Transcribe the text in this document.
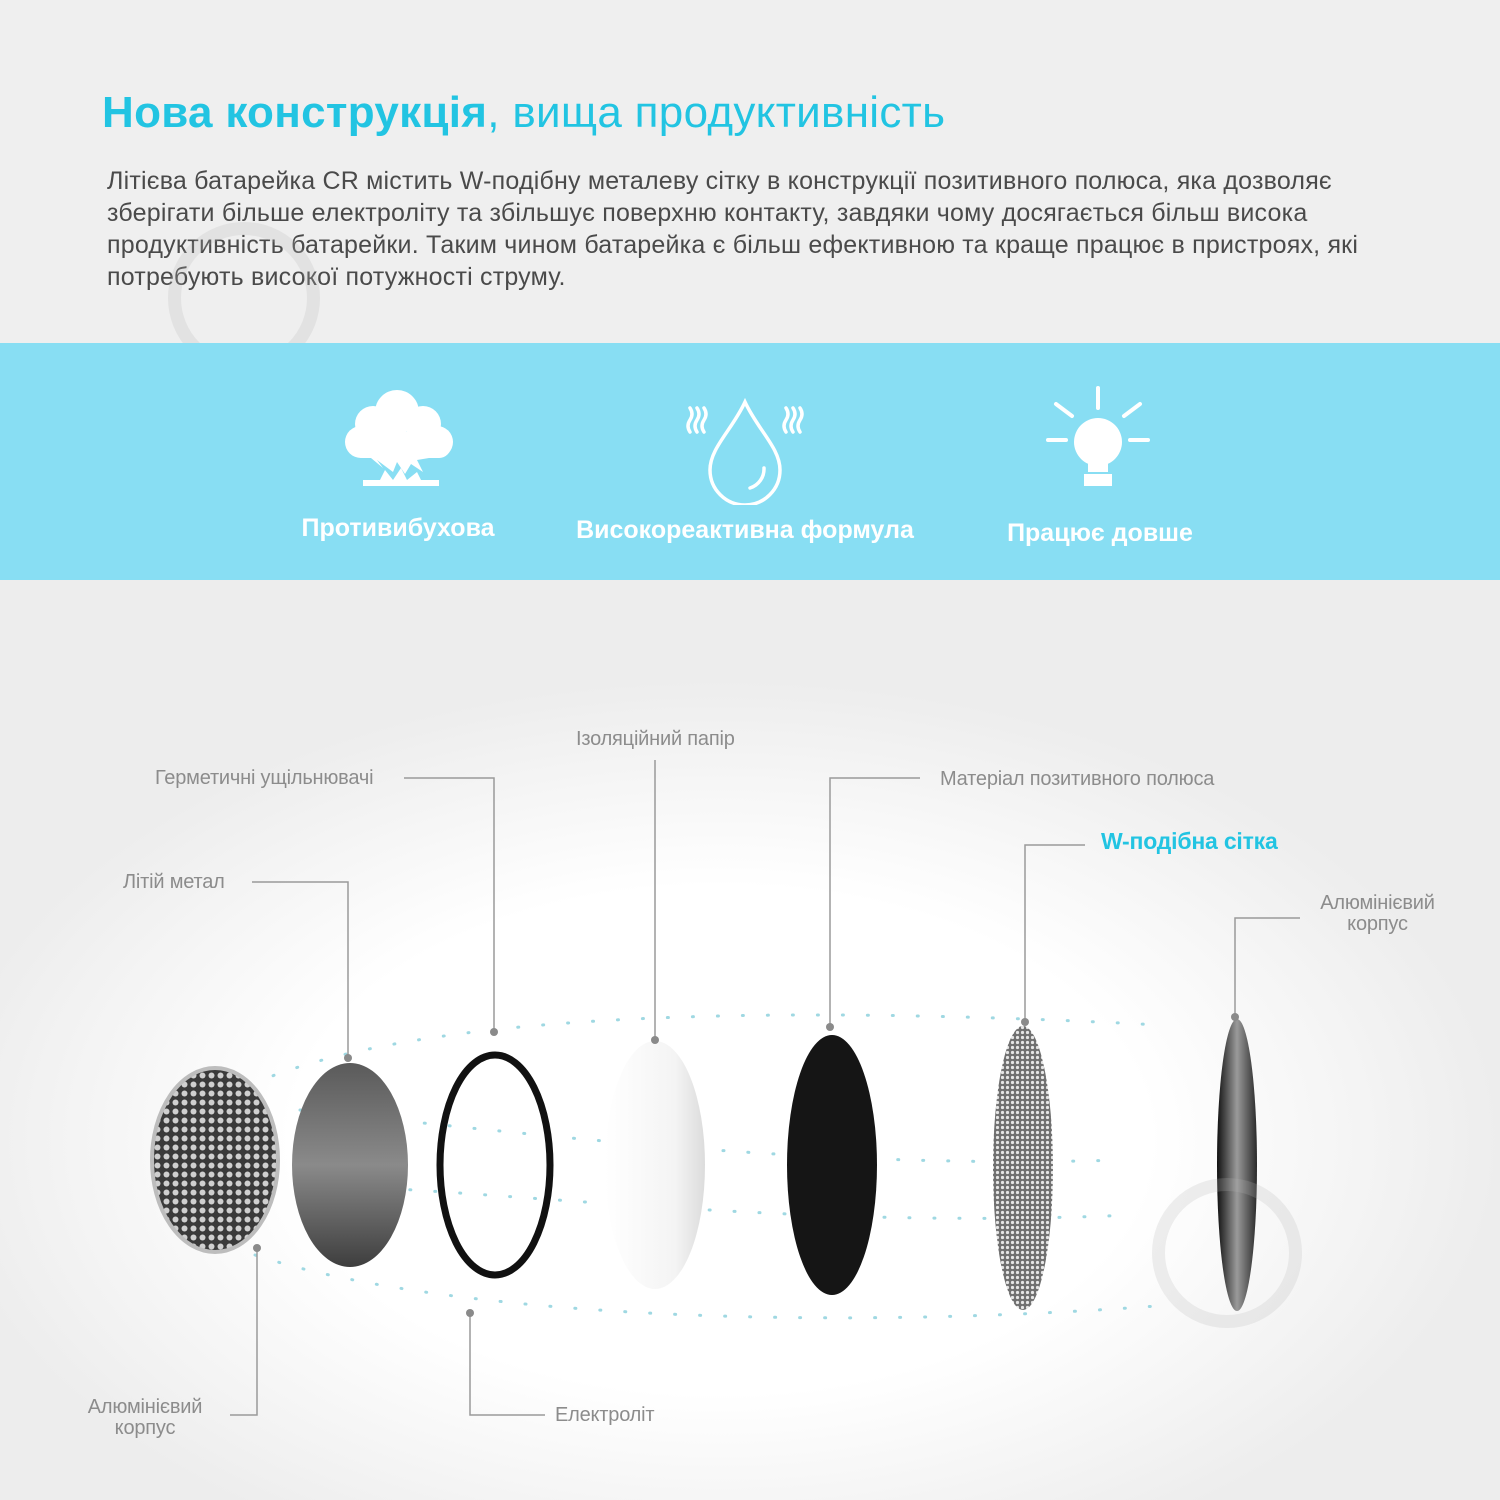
Нова конструкція, вища продуктивність

Літієва батарейка CR містить W-подібну металеву сітку в конструкції позитивного полюса, яка дозволяє зберігати більше електроліту та збільшує поверхню контакту, завдяки чому досягається більш висока продуктивність батарейки. Таким чином батарейка є більш ефективною та краще працює в пристроях, які потребують високої потужності струму.

Противибухова	Високореактивна формула	Працює довше
Герметичні ущільнювачі
Літій метал
Ізоляційний папір
Матеріал позитивного полюса
W-подібна сітка
Алюмінієвий
корпус
Алюмінієвий
корпус
Електроліт
